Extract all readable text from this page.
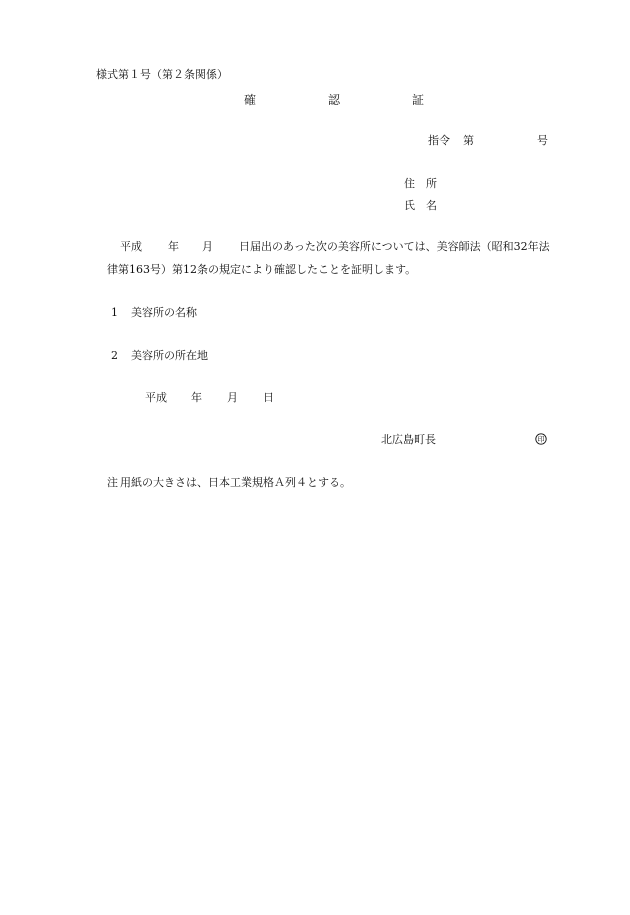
様式第１号（第２条関係）
確	認	証
指令 第	号
住　所
氏　名
平成 年 月 日届出のあった次の美容所については、美容師法（昭和32年法
律第163号）第12条の規定により確認したことを証明します。
1 美容所の名称
2 美容所の所在地
平成 年 月 日
北広島町長	印
注 用紙の大きさは、日本工業規格Ａ列４とする。
